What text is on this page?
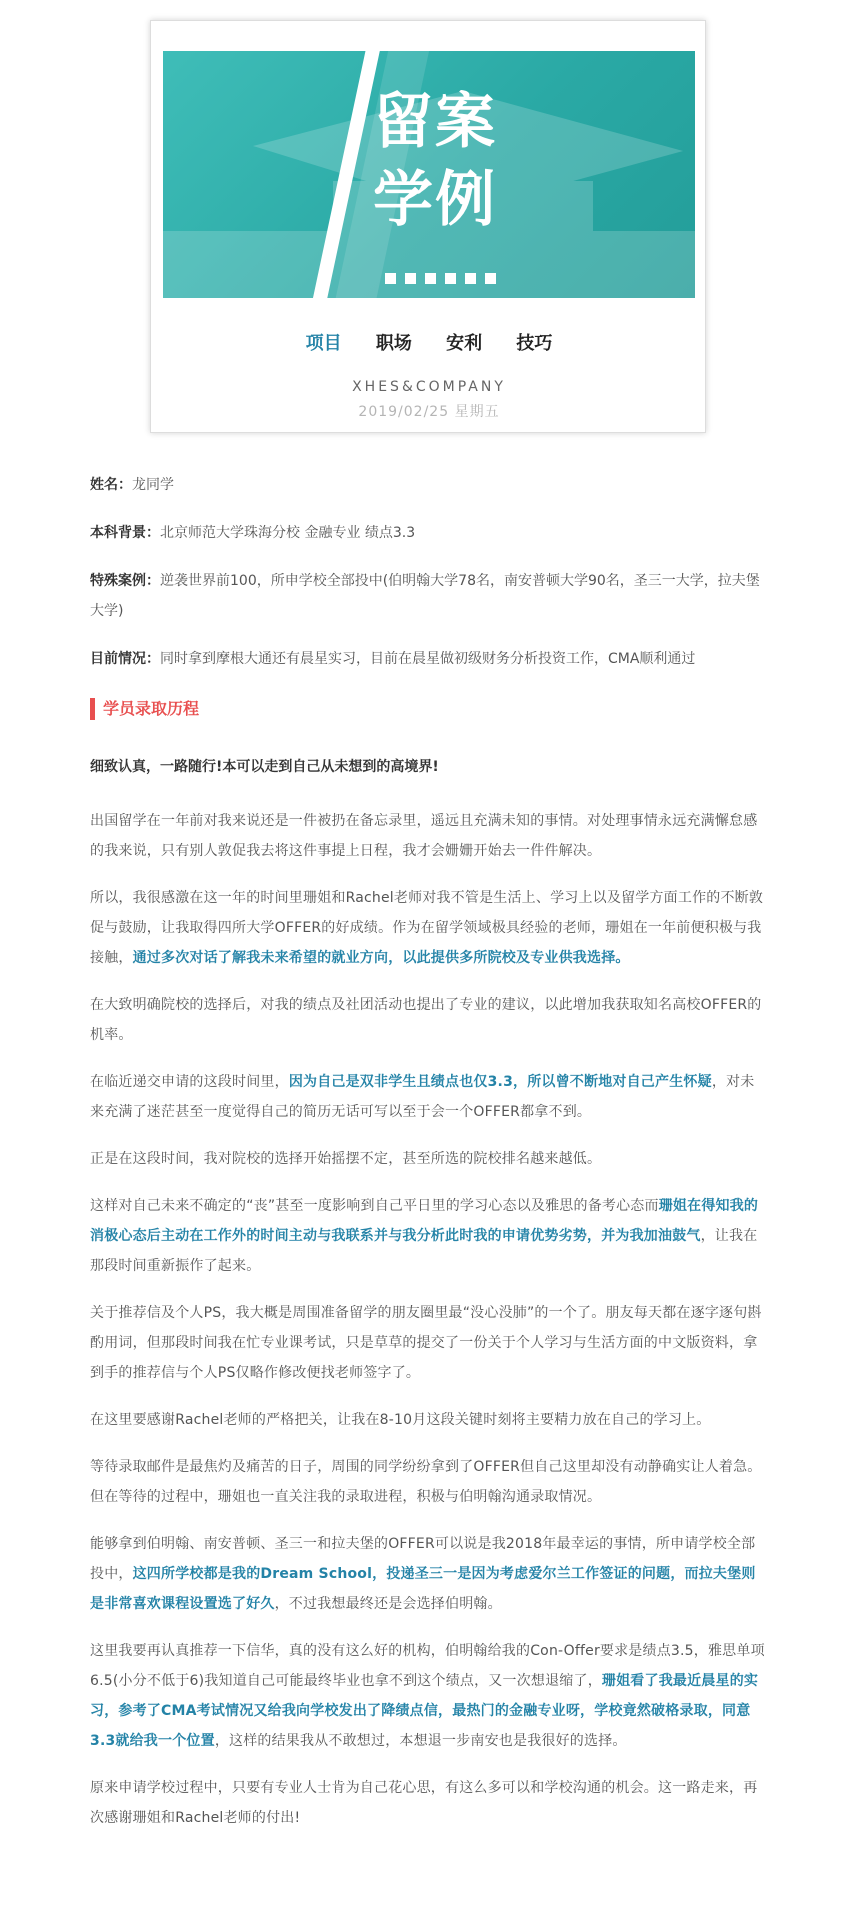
留案学例
项目 职场 安利 技巧
XHES&COMPANY
2019/02/25 星期五

姓名：龙同学

本科背景：北京师范大学珠海分校 金融专业 绩点3.3

特殊案例：逆袭世界前100，所申学校全部投中(伯明翰大学78名，南安普顿大学90名，圣三一大学，拉夫堡大学)

目前情况：同时拿到摩根大通还有晨星实习，目前在晨星做初级财务分析投资工作，CMA顺利通过

学员录取历程
细致认真，一路随行!本可以走到自己从未想到的高境界!

出国留学在一年前对我来说还是一件被扔在备忘录里，遥远且充满未知的事情。对处理事情永远充满懈怠感的我来说，只有别人敦促我去将这件事提上日程，我才会姗姗开始去一件件解决。

所以，我很感激在这一年的时间里珊姐和Rachel老师对我不管是生活上、学习上以及留学方面工作的不断敦促与鼓励，让我取得四所大学OFFER的好成绩。作为在留学领域极具经验的老师，珊姐在一年前便积极与我接触，通过多次对话了解我未来希望的就业方向，以此提供多所院校及专业供我选择。

在大致明确院校的选择后，对我的绩点及社团活动也提出了专业的建议，以此增加我获取知名高校OFFER的机率。

在临近递交申请的这段时间里，因为自己是双非学生且绩点也仅3.3，所以曾不断地对自己产生怀疑，对未来充满了迷茫甚至一度觉得自己的简历无话可写以至于会一个OFFER都拿不到。

正是在这段时间，我对院校的选择开始摇摆不定，甚至所选的院校排名越来越低。

这样对自己未来不确定的“丧”甚至一度影响到自己平日里的学习心态以及雅思的备考心态而珊姐在得知我的消极心态后主动在工作外的时间主动与我联系并与我分析此时我的申请优势劣势，并为我加油鼓气，让我在那段时间重新振作了起来。

关于推荐信及个人PS，我大概是周围准备留学的朋友圈里最“没心没肺”的一个了。朋友每天都在逐字逐句斟酌用词，但那段时间我在忙专业课考试，只是草草的提交了一份关于个人学习与生活方面的中文版资料，拿到手的推荐信与个人PS仅略作修改便找老师签字了。

在这里要感谢Rachel老师的严格把关，让我在8-10月这段关键时刻将主要精力放在自己的学习上。

等待录取邮件是最焦灼及痛苦的日子，周围的同学纷纷拿到了OFFER但自己这里却没有动静确实让人着急。但在等待的过程中，珊姐也一直关注我的录取进程，积极与伯明翰沟通录取情况。

能够拿到伯明翰、南安普顿、圣三一和拉夫堡的OFFER可以说是我2018年最幸运的事情，所申请学校全部投中，这四所学校都是我的Dream School，投递圣三一是因为考虑爱尔兰工作签证的问题，而拉夫堡则是非常喜欢课程设置选了好久，不过我想最终还是会选择伯明翰。

这里我要再认真推荐一下信华，真的没有这么好的机构，伯明翰给我的Con-Offer要求是绩点3.5，雅思单项6.5(小分不低于6)我知道自己可能最终毕业也拿不到这个绩点，又一次想退缩了，珊姐看了我最近晨星的实习，参考了CMA考试情况又给我向学校发出了降绩点信，最热门的金融专业呀，学校竟然破格录取，同意3.3就给我一个位置，这样的结果我从不敢想过，本想退一步南安也是我很好的选择。

原来申请学校过程中，只要有专业人士肯为自己花心思，有这么多可以和学校沟通的机会。这一路走来，再次感谢珊姐和Rachel老师的付出!
